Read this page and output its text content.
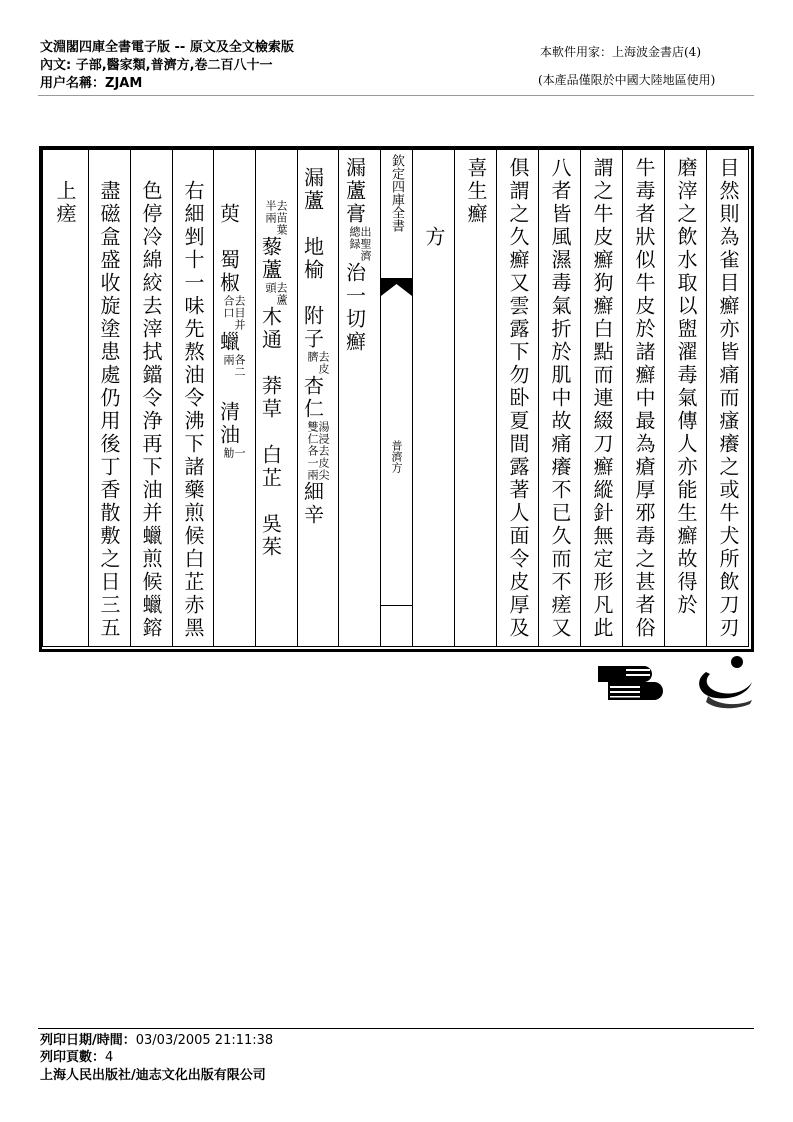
文淵閣四庫全書電子版 -- 原文及全文檢索版
內文: 子部,醫家類,普濟方,卷二百八十一
用户名稱：ZJAM
本軟件用家：上海波金書店(4)
(本產品僅限於中國大陸地區使用)
目然則為雀目癬亦皆痛而瘙癢之或牛犬所飲刀刃
磨滓之飲水取以盥濯毒氣傳人亦能生癬故得於
牛毒者狀似牛皮於諸癬中最為瘡厚邪毒之甚者俗
謂之牛皮癬狗癬白點而連綴刀癬縱針無定形凡此
八者皆風濕毒氣折於肌中故痛癢不已久而不瘥又
俱謂之久癬又雲露下勿卧夏間露著人面令皮厚及
喜生癬
方
欽定四庫全書
普濟方
漏蘆膏
出聖濟
總録
治一切癬
漏蘆地榆附子
去皮
臍
杏仁
湯浸去皮尖
雙仁各一兩
細辛
去苗葉
半兩
藜蘆
去蘆
頭
木通莽草白芷吳茱
萸蜀椒
去目并
合口
蠟
各二
兩
清油
一
觔
右細剉十一味先熬油令沸下諸藥煎候白芷赤黑
色停冷綿絞去滓拭鐺令浄再下油并蠟煎候蠟鎔
盡磁盒盛收旋塗患處仍用後丁香散敷之日三五
上瘥
列印日期/時間：03/03/2005 21:11:38
列印頁數：4
上海人民出版社/迪志文化出版有限公司
